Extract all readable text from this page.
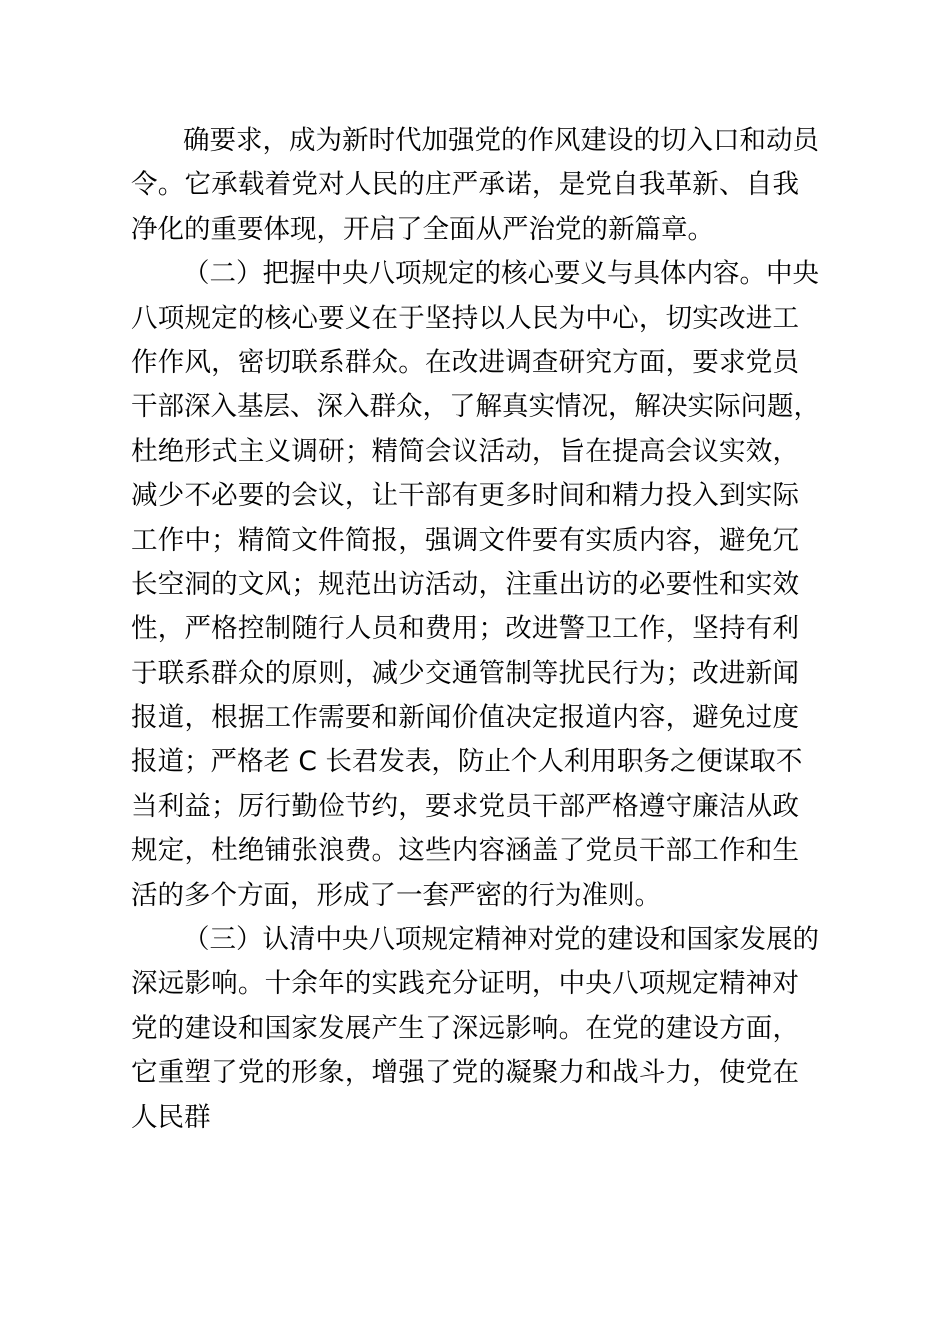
确要求，成为新时代加强党的作风建设的切入口和动员
令。它承载着党对人民的庄严承诺，是党自我革新、自我
净化的重要体现，开启了全面从严治党的新篇章。
（二）把握中央八项规定的核心要义与具体内容。中央
八项规定的核心要义在于坚持以人民为中心，切实改进工
作作风，密切联系群众。在改进调查研究方面，要求党员
干部深入基层、深入群众，了解真实情况，解决实际问题，
杜绝形式主义调研；精简会议活动，旨在提高会议实效，
减少不必要的会议，让干部有更多时间和精力投入到实际
工作中；精简文件简报，强调文件要有实质内容，避免冗
长空洞的文风；规范出访活动，注重出访的必要性和实效
性，严格控制随行人员和费用；改进警卫工作，坚持有利
于联系群众的原则，减少交通管制等扰民行为；改进新闻
报道，根据工作需要和新闻价值决定报道内容，避免过度
报道；严格老 C 长君发表，防止个人利用职务之便谋取不
当利益；厉行勤俭节约，要求党员干部严格遵守廉洁从政
规定，杜绝铺张浪费。这些内容涵盖了党员干部工作和生
活的多个方面，形成了一套严密的行为准则。
（三）认清中央八项规定精神对党的建设和国家发展的
深远影响。十余年的实践充分证明，中央八项规定精神对
党的建设和国家发展产生了深远影响。在党的建设方面，
它重塑了党的形象，增强了党的凝聚力和战斗力，使党在
人民群
